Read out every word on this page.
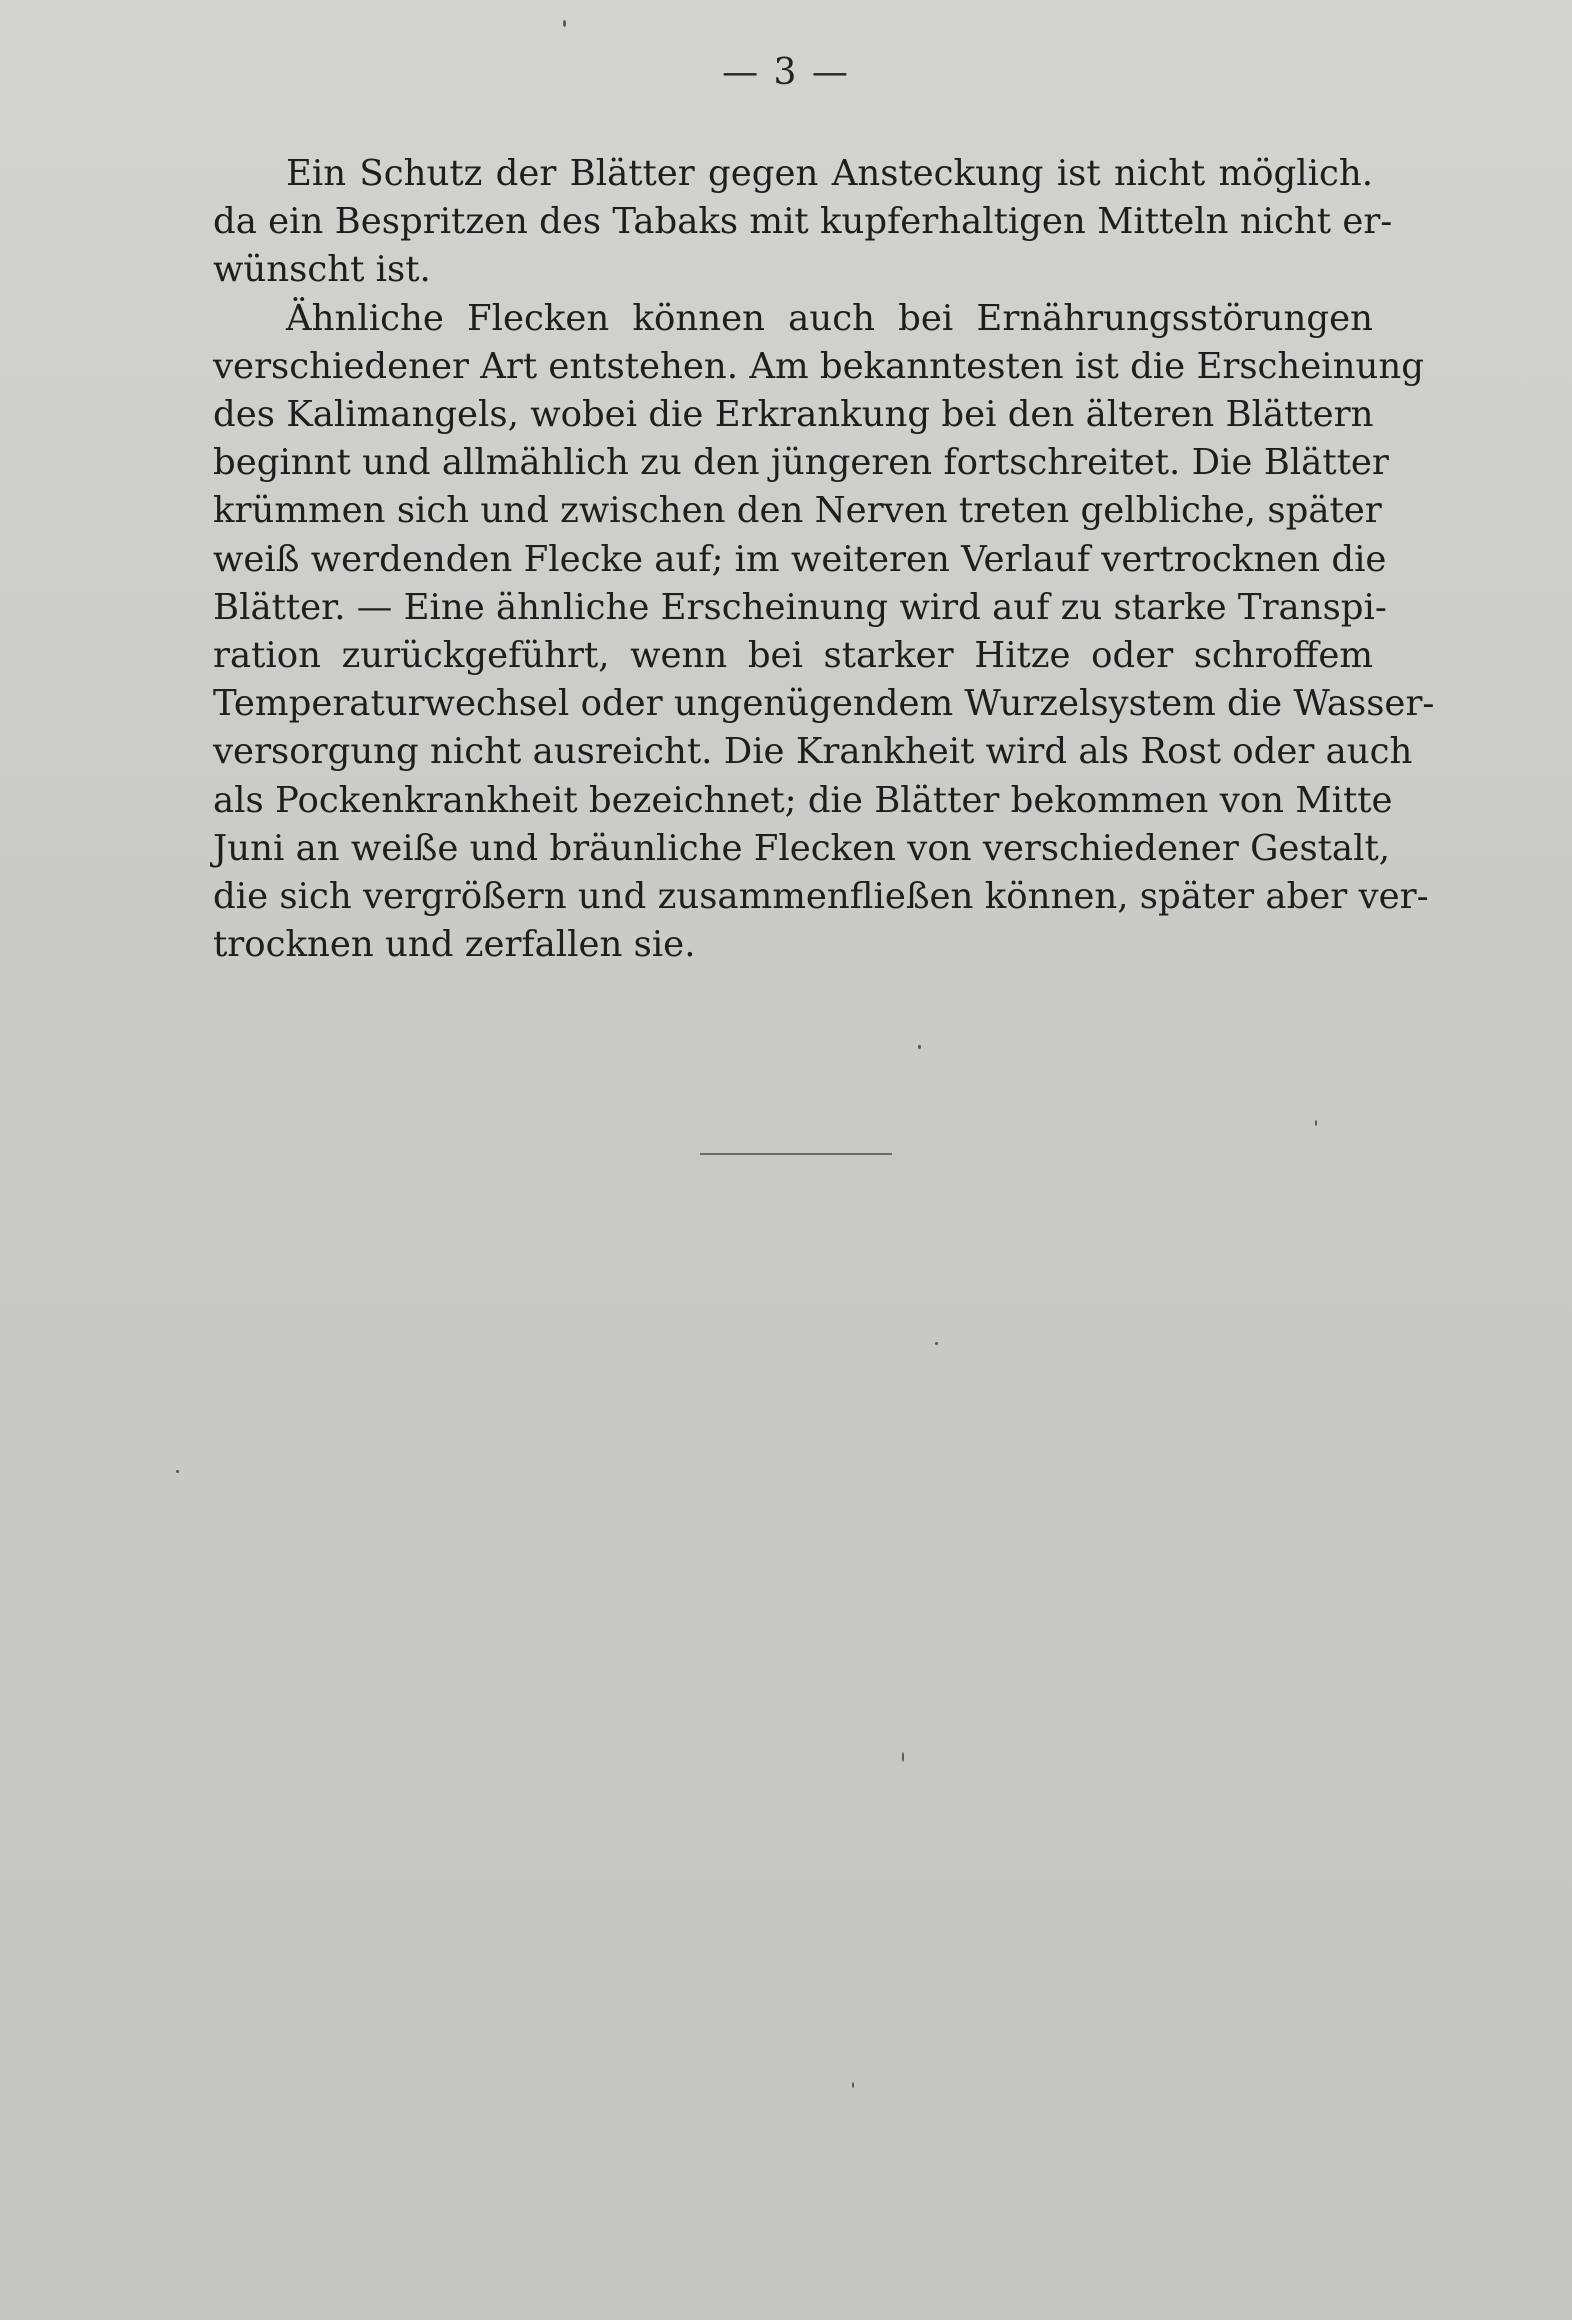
— 3 —
Ein Schutz der Blätter gegen Ansteckung ist nicht möglich.
da ein Bespritzen des Tabaks mit kupferhaltigen Mitteln nicht er-
wünscht ist.
Ähnliche Flecken können auch bei Ernährungsstörungen
verschiedener Art entstehen. Am bekanntesten ist die Erscheinung
des Kalimangels, wobei die Erkrankung bei den älteren Blättern
beginnt und allmählich zu den jüngeren fortschreitet. Die Blätter
krümmen sich und zwischen den Nerven treten gelbliche, später
weiß werdenden Flecke auf; im weiteren Verlauf vertrocknen die
Blätter. — Eine ähnliche Erscheinung wird auf zu starke Transpi-
ration zurückgeführt, wenn bei starker Hitze oder schroffem
Temperaturwechsel oder ungenügendem Wurzelsystem die Wasser-
versorgung nicht ausreicht. Die Krankheit wird als Rost oder auch
als Pockenkrankheit bezeichnet; die Blätter bekommen von Mitte
Juni an weiße und bräunliche Flecken von verschiedener Gestalt,
die sich vergrößern und zusammenfließen können, später aber ver-
trocknen und zerfallen sie.
